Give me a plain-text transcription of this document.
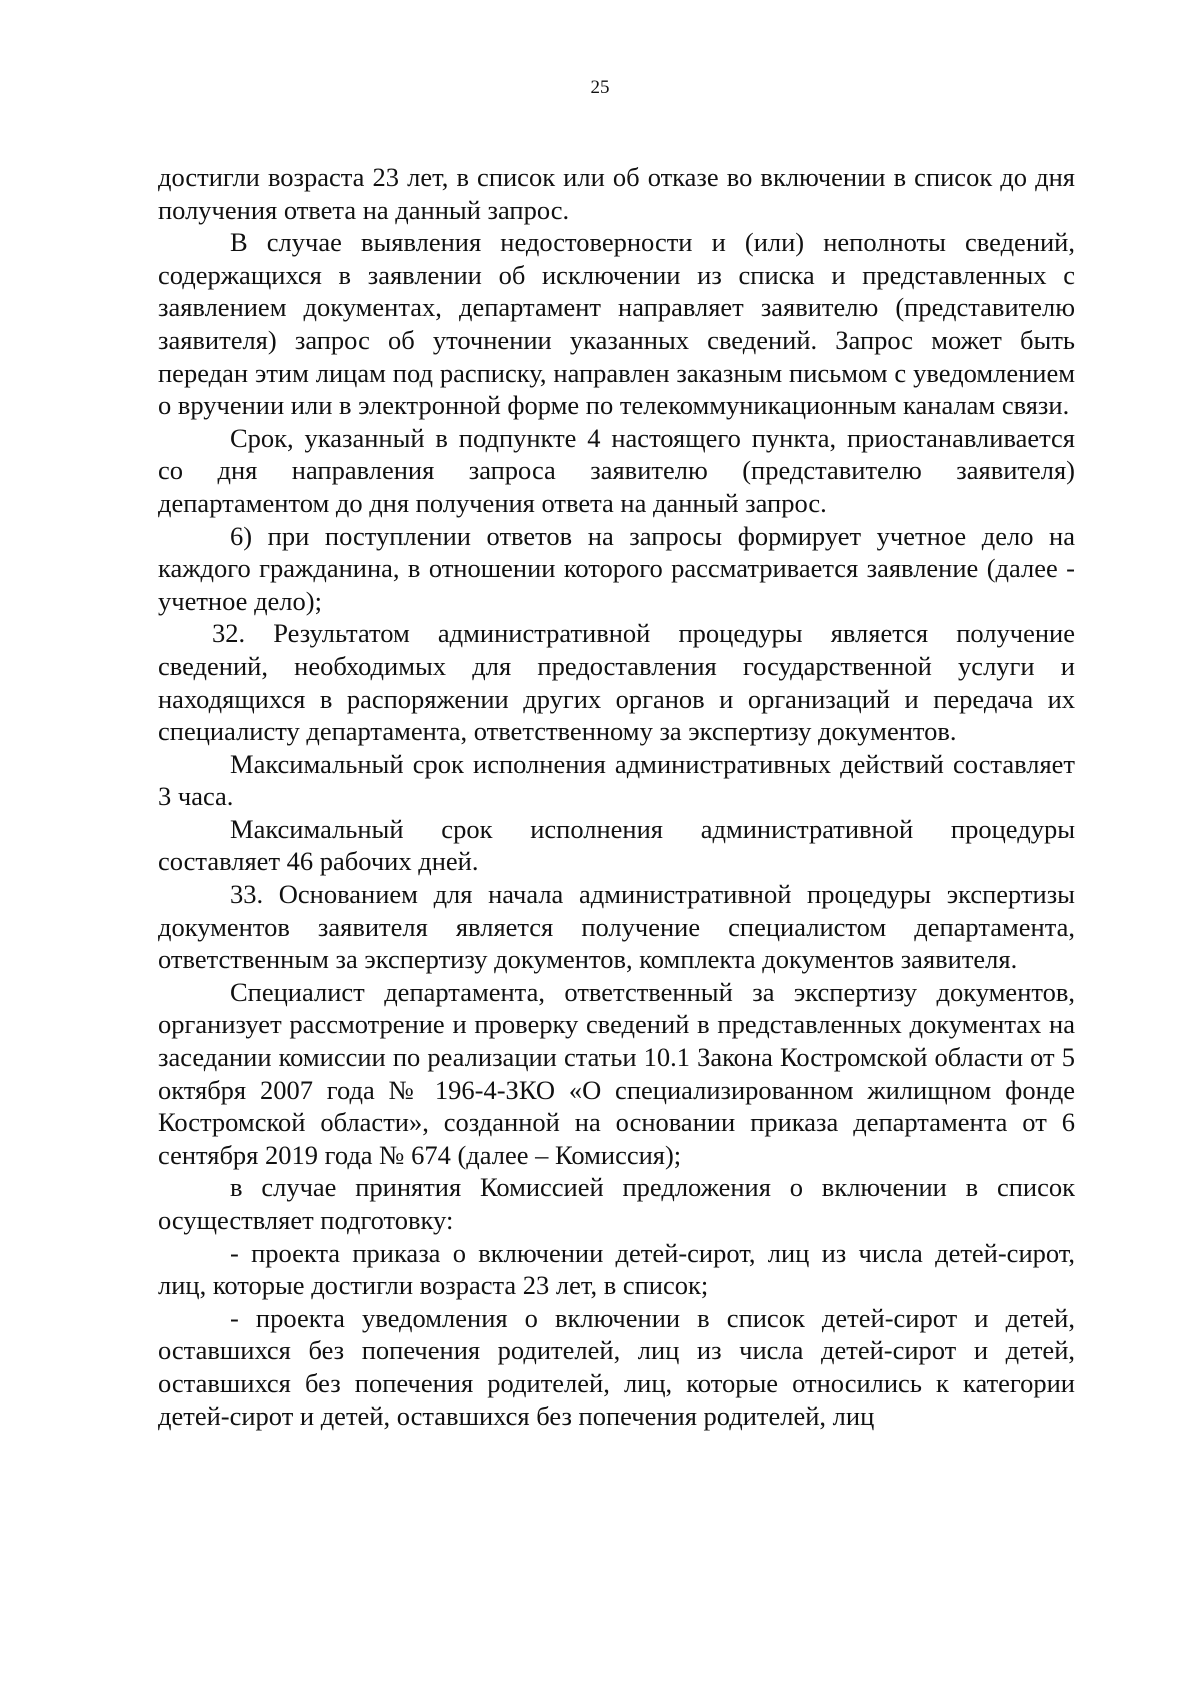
25

достигли возраста 23 лет, в список или об отказе во включении в список до дня получения ответа на данный запрос.

В случае выявления недостоверности и (или) неполноты сведений, содержащихся в заявлении об исключении из списка и представленных с заявлением документах, департамент направляет заявителю (представителю заявителя) запрос об уточнении указанных сведений. Запрос может быть передан этим лицам под расписку, направлен заказным письмом с уведомлением о вручении или в электронной форме по телекоммуникационным каналам связи.

Срок, указанный в подпункте 4 настоящего пункта, приостанавливается со дня направления запроса заявителю (представителю заявителя) департаментом до дня получения ответа на данный запрос.

6) при поступлении ответов на запросы формирует учетное дело на каждого гражданина, в отношении которого рассматривается заявление (далее - учетное дело);

32. Результатом административной процедуры является получение сведений, необходимых для предоставления государственной услуги и находящихся в распоряжении других органов и организаций и передача их специалисту департамента, ответственному за экспертизу документов.

Максимальный срок исполнения административных действий составляет 3 часа.

Максимальный срок исполнения административной процедуры составляет 46 рабочих дней.

33. Основанием для начала административной процедуры экспертизы документов заявителя является получение специалистом департамента, ответственным за экспертизу документов, комплекта документов заявителя.

Специалист департамента, ответственный за экспертизу документов, организует рассмотрение и проверку сведений в представленных документах на заседании комиссии по реализации статьи 10.1 Закона Костромской области от 5 октября 2007 года № 196-4-ЗКО «О специализированном жилищном фонде Костромской области», созданной на основании приказа департамента от 6 сентября 2019 года № 674 (далее – Комиссия);

в случае принятия Комиссией предложения о включении в список осуществляет подготовку:

- проекта приказа о включении детей-сирот, лиц из числа детей-сирот, лиц, которые достигли возраста 23 лет, в список;

- проекта уведомления о включении в список детей-сирот и детей, оставшихся без попечения родителей, лиц из числа детей-сирот и детей, оставшихся без попечения родителей, лиц, которые относились к категории детей-сирот и детей, оставшихся без попечения родителей, лиц
